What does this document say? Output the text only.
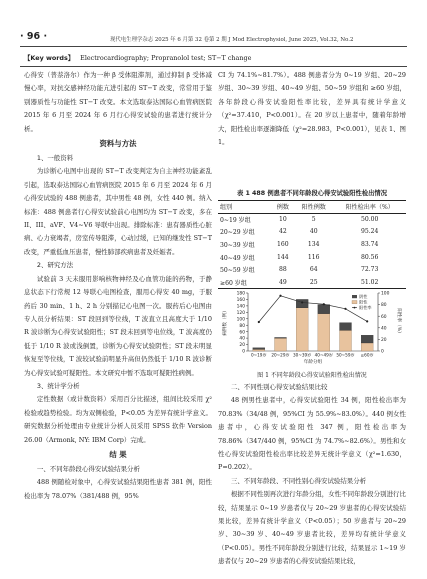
· 96 ·	现代电生理学杂志 2025 年 6 月第 32 卷第 2 期 J Mod Electrophysiol, June 2025, Vol.32, No.2
【Key words】 Electrocardiography; Propranolol test; ST−T change

心得安（普萘洛尔）作为一种 β 受体阻滞剂，通过抑制 β 受体减慢心率，对抗交感神经功能亢进引起的 ST−T 改变，常常用于鉴别器质性与功能性 ST−T 改变。本文选取泰达国际心血管病医院 2015 年 6 月至 2024 年 6 月行心得安试验的患者进行统计分析。

资料与方法

1、一般资料

为诊断心电图中出现的 ST−T 改变判定为自主神经功能紊乱引起，选取泰达国际心血管病医院 2015 年 6 月至 2024 年 6 月心得安试验的 488 例患者，其中男性 48 例，女性 440 例。纳入标准：488 例患者行心得安试验前心电图均为 ST−T 改变，多在 II、III、aVF、V4~V6 导联中出现。排除标准：患有器质性心脏病、心力衰竭者，房室传导阻滞，心动过缓，已知的继发性 ST−T 改变，严重低血压患者，慢性肺部疾病患者及妊娠者。

2、研究方法

试验前 3 天未服用影响核物神经及心血管功能的药物，于静息状态下行常规 12 导联心电图检查，服用心得安 40 mg，于服药后 30 min、1 h、2 h 分别描记心电图一次。服药后心电图由专人员分析结果：ST 段回到等位线，T 波直立且高度大于 1/10 R 波诊断为心得安试验阳性；ST 段未回到等电位线，T 波高度仍低于 1/10 R 波或浅倒置，诊断为心得安试验阴性；ST 段未明显恢复至等位线，T 波较试验前明显升高但仍然低于 1/10 R 波诊断为心得安试验可疑阳性。本文研究中暂不选取可疑阳性病例。

3、统计学分析

定性数据（或计数资料）采用百分比描述，组间比较采用 χ² 检验或趋势检验。均为双侧检验，P<0.05 为差异有统计学意义。研究数据分析处理由专业统计分析人员采用 SPSS 软件 Version 26.00（Armonk, NY: IBM Corp）完成。

结 果

一、不同年龄段心得安试验结果分析

488 例随检对象中，心得安试验结果阳性患者 381 例，阳性检出率为 78.07%（381/488 例，95%

CI 为 74.1%~81.7%）。488 例患者分为 0~19 岁组、20~29 岁组、30~39 岁组、40~49 岁组、50~59 岁组和 ≥60 岁组，各年龄段心得安试验阳性率比较，差异具有统计学意义（χ²=37.410，P<0.001）。在 20 岁以上患者中，随着年龄增大，阳性检出率逐渐降低（χ²=28.983，P<0.001），见表 1、图 1。

表 1 488 例患者不同年龄段心得安试验阳性检出情况
组别	例数	阳性例数	阳性检出率（%）
0~19 岁组	10	5	50.00
20~29 岁组	42	40	95.24
30~39 岁组	160	134	83.74
40~49 岁组	144	116	80.56
50~59 岁组	88	64	72.73
≥60 岁组	49	25	51.02
0
20
40
60
80
100
120
140
160
180
0
20
40
60
80
100
0~19岁 20~29岁 30~39岁 40~49岁 50~59岁 ≥60岁
年龄分组
病例数（例）	阳性率（%）
阴性
阳性
阳性率
图 1 不同年龄段心得安试验阳性检出情况

二、不同性别心得安试验结果比较

48 例男性患者中，心得安试验阳性 34 例，阳性检出率为 70.83%（34/48 例，95%CI 为 55.9%~83.0%）。440 例女性患者中，心得安试验阳性 347 例，阳性检出率为 78.86%（347/440 例，95%CI 为 74.7%~82.6%）。男性和女性心得安试验阳性检出率比较差异无统计学意义（χ²=1.630，P=0.202）。

三、不同年龄段、不同性别心得安试验结果分析

根据不同性别再次进行年龄分组，女性不同年龄段分别进行比较，结果显示 0~19 岁患者仅与 20~29 岁患者的心得安试验结果比较，差异有统计学意义（P<0.05）；50 岁患者与 20~29 岁、30~39 岁、40~49 岁患者比较，差异均有统计学意义（P<0.05）。男性不同年龄段分别进行比较，结果显示 1~19 岁患者仅与 20~29 岁患者的心得安试验结果比较，
